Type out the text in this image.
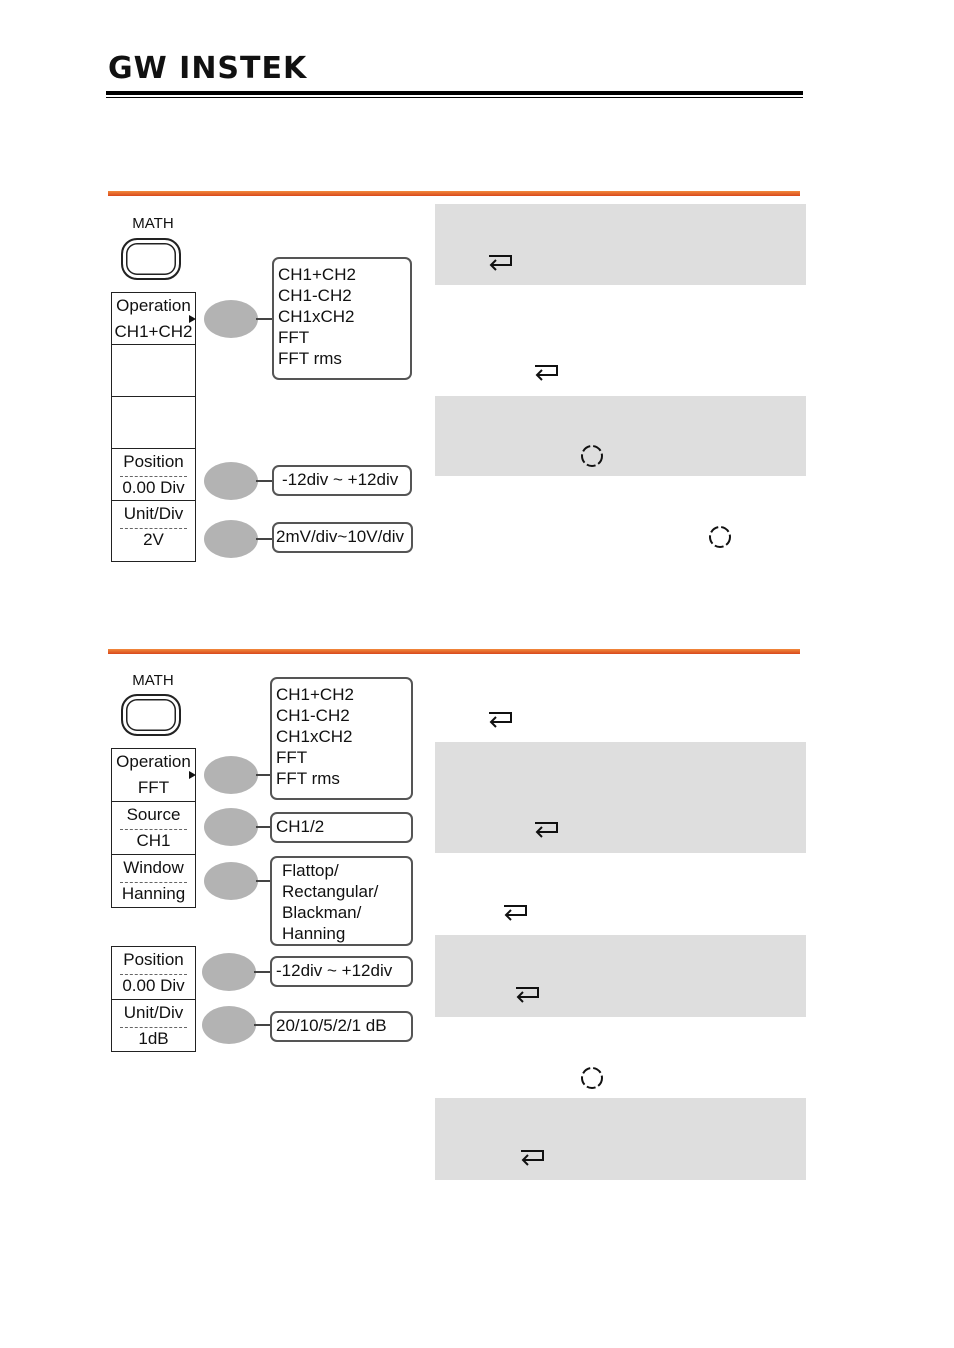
GW INSTEK
MATH
Operation
CH1+CH2
Position
0.00 Div
Unit/Div
2V
CH1+CH2
CH1-CH2
CH1xCH2
FFT
FFT rms
-12div ~ +12div
2mV/div~10V/div
MATH
Operation
FFT
Source
CH1
Window
Hanning
Position
0.00 Div
Unit/Div
1dB
CH1+CH2
CH1-CH2
CH1xCH2
FFT
FFT rms
CH1/2
Flattop/
Rectangular/
Blackman/
Hanning
-12div ~ +12div
20/10/5/2/1 dB
